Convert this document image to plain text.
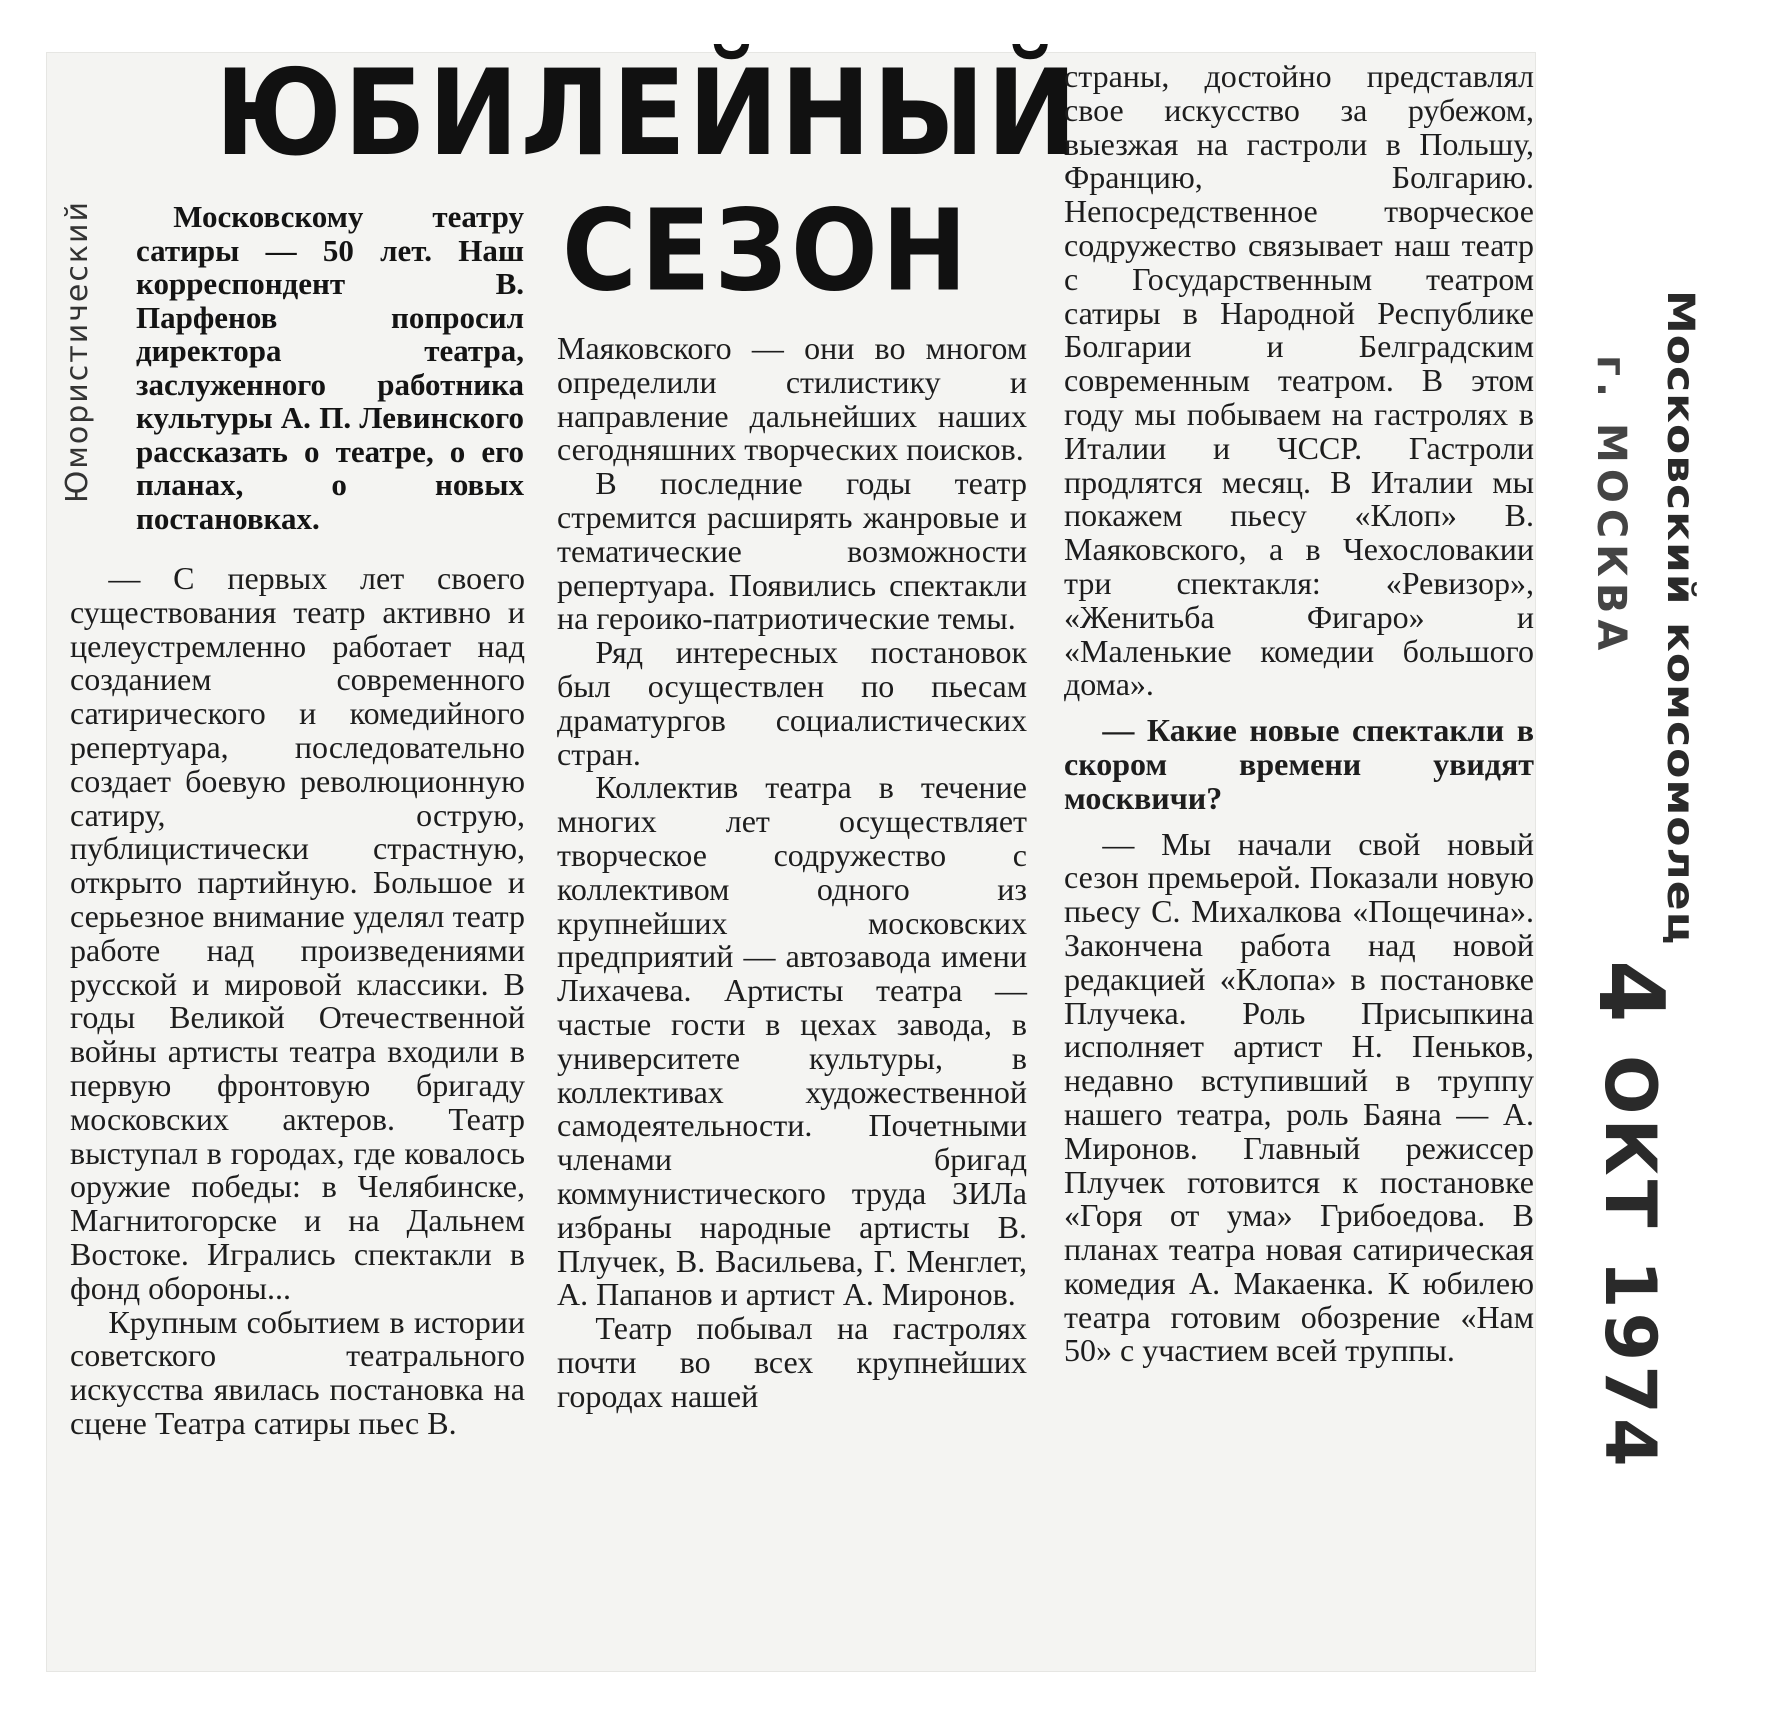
ЮБИЛЕЙНЫЙ
СЕЗОН
Юмористический	Московскому театру сатиры — 50 лет. Наш корреспондент В. Парфенов попросил директора театра, заслуженного работника культуры А. П. Левинского рассказать о театре, о его планах, о новых постановках.

— С первых лет своего существования театр активно и целеустремленно работает над созданием современного сатирического и комедийного репертуара, последовательно создает боевую революционную сатиру, острую, публицистически страстную, открыто партийную. Большое и серьезное внимание уделял театр работе над произведениями русской и мировой классики. В годы Великой Отечественной войны артисты театра входили в первую фронтовую бригаду московских актеров. Театр выступал в городах, где ковалось оружие победы: в Челябинске, Магнитогорске и на Дальнем Востоке. Игрались спектакли в фонд обороны...

Крупным событием в истории советского театрального искусства явилась постановка на сцене Театра сатиры пьес В.

Маяковского — они во многом определили стилистику и направление дальнейших наших сегодняшних творческих поисков.

В последние годы театр стремится расширять жанровые и тематические возможности репертуара. Появились спектакли на героико-патриотические темы.

Ряд интересных постановок был осуществлен по пьесам драматургов социалистических стран.

Коллектив театра в течение многих лет осуществляет творческое содружество с коллективом одного из крупнейших московских предприятий — автозавода имени Лихачева. Артисты театра — частые гости в цехах завода, в университете культуры, в коллективах художественной самодеятельности. Почетными членами бригад коммунистического труда ЗИЛа избраны народные артисты В. Плучек, В. Васильева, Г. Менглет, А. Папанов и артист А. Миронов.

Театр побывал на гастролях почти во всех крупнейших городах нашей

страны, достойно представлял свое искусство за рубежом, выезжая на гастроли в Польшу, Францию, Болгарию. Непосредственное творческое содружество связывает наш театр с Государственным театром сатиры в Народной Республике Болгарии и Белградским современным театром. В этом году мы побываем на гастролях в Италии и ЧССР. Гастроли продлятся месяц. В Италии мы покажем пьесу «Клоп» В. Маяковского, а в Чехословакии три спектакля: «Ревизор», «Женитьба Фигаро» и «Маленькие комедии большого дома».

— Какие новые спектакли в скором времени увидят москвичи?

— Мы начали свой новый сезон премьерой. Показали новую пьесу С. Михалкова «Пощечина». Закончена работа над новой редакцией «Клопа» в постановке Плучека. Роль Присыпкина исполняет артист Н. Пеньков, недавно вступивший в труппу нашего театра, роль Баяна — А. Миронов. Главный режиссер Плучек готовится к постановке «Горя от ума» Грибоедова. В планах театра новая сатирическая комедия А. Макаенка. К юбилею театра готовим обозрение «Нам 50» с участием всей труппы.

Московский комсомолец
г. МОСКВА
4 ОКТ 1974
